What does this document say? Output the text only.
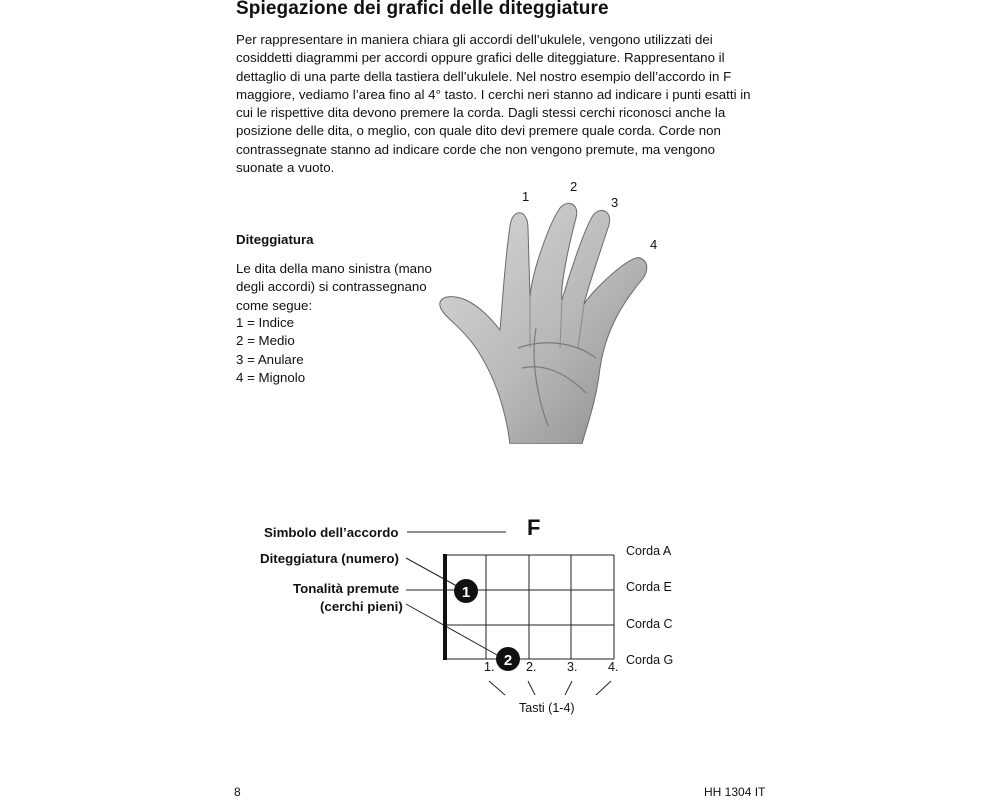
Spiegazione dei grafici delle diteggiature

Per rappresentare in maniera chiara gli accordi dell’ukulele, vengono utilizzati dei cosiddetti diagrammi per accordi oppure grafici delle diteggiature. Rappresentano il dettaglio di una parte della tastiera dell’ukulele. Nel nostro esempio dell’accordo in F maggiore, vediamo l’area fino al 4° tasto. I cerchi neri stanno ad indicare i punti esatti in cui le rispettive dita devono premere la corda. Dagli stessi cerchi riconosci anche la posizione delle dita, o meglio, con quale dito devi premere quale corda. Corde non contrassegnate stanno ad indicare corde che non vengono premute, ma vengono suonate a vuoto.

Diteggiatura

Le dita della mano sinistra (mano degli accordi) si contrassegnano come segue:

1 = Indice
2 = Medio
3 = Anulare
4 = Mignolo
1
2
3
4
Simbolo dell’accordo
Diteggiatura (numero)
Tonalità premute
(cerchi pieni)
F
1
2
Corda A
Corda E
Corda C
Corda G
1.	2. 3. 4.
Tasti (1-4)
8	HH 1304 IT
